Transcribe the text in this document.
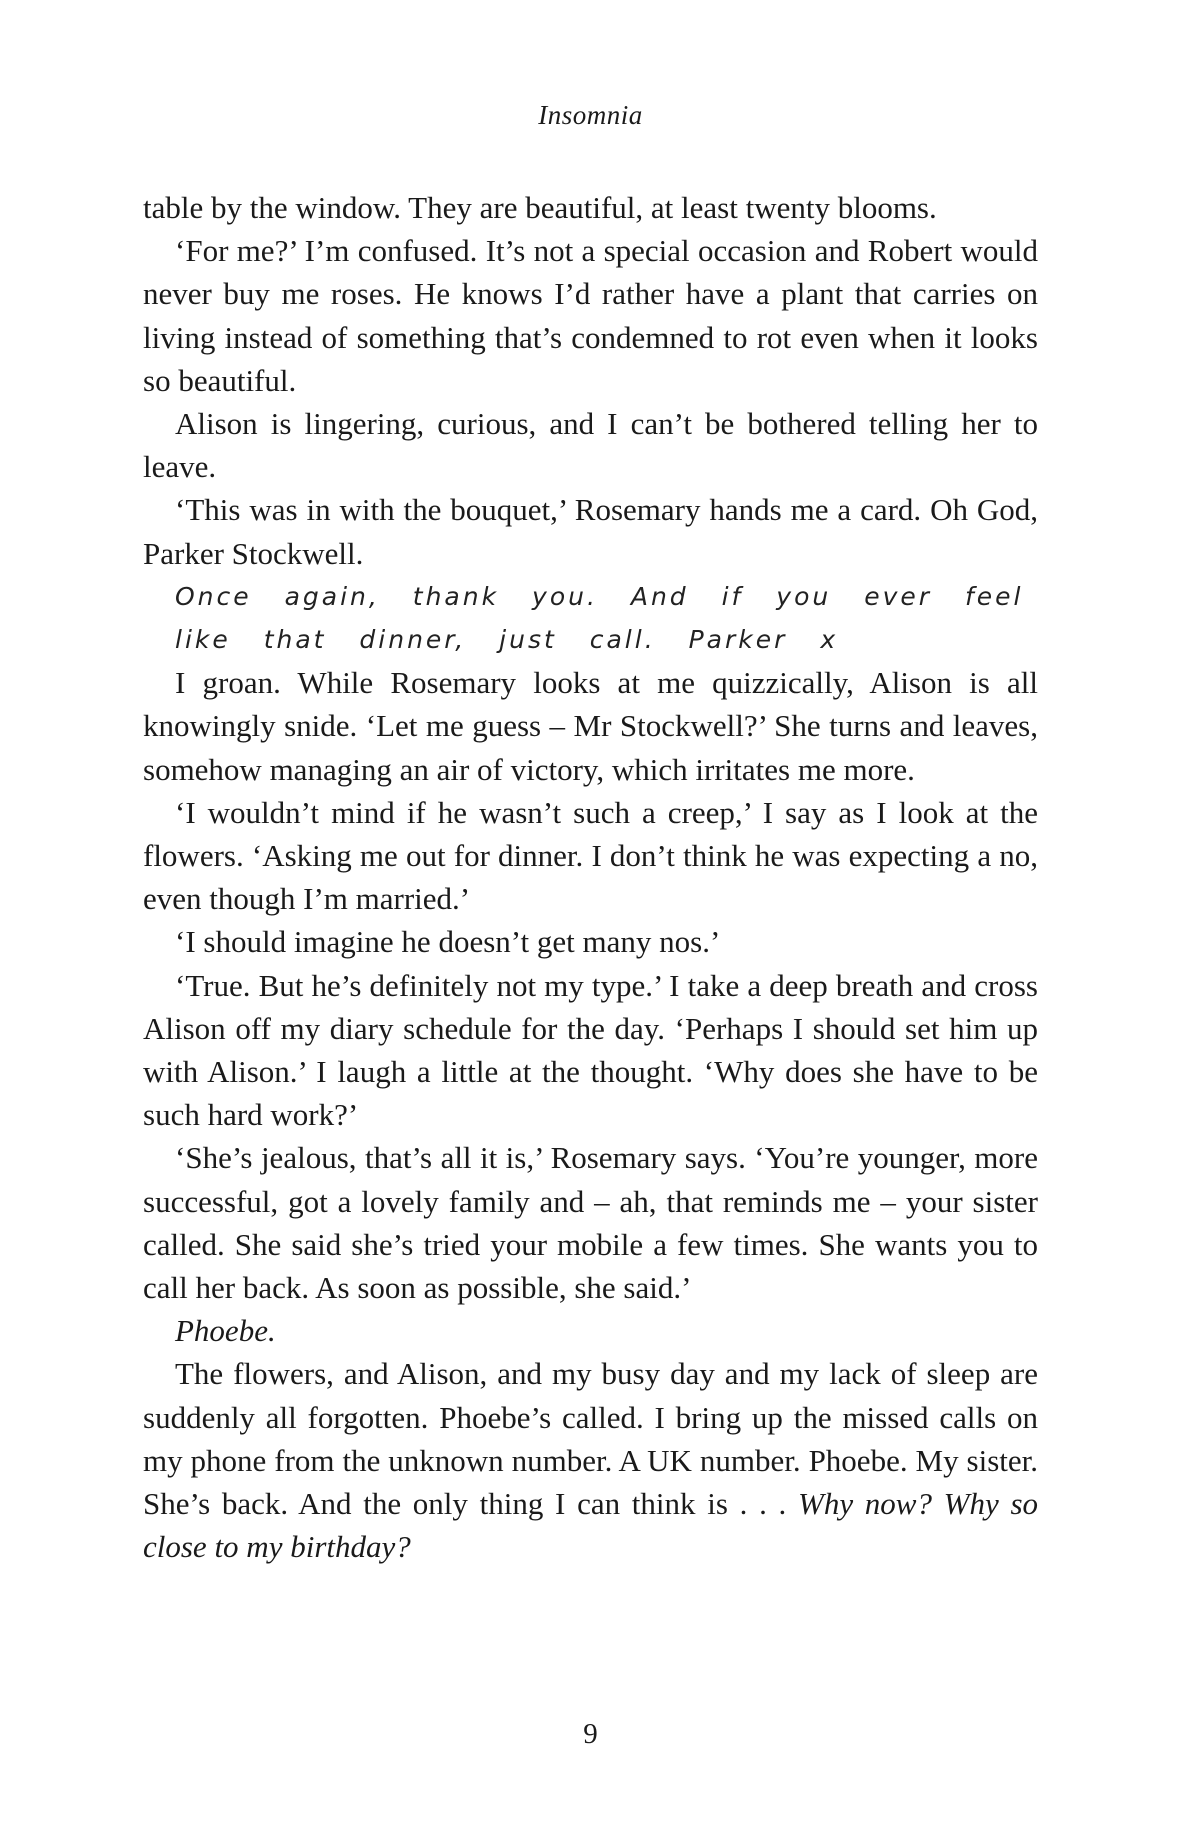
Insomnia

table by the window. They are beautiful, at least twenty blooms.

‘For me?’ I’m confused. It’s not a special occasion and Robert would never buy me roses. He knows I’d rather have a plant that carries on living instead of something that’s condemned to rot even when it looks so beautiful.

Alison is lingering, curious, and I can’t be bothered telling her to leave.

‘This was in with the bouquet,’ Rosemary hands me a card. Oh God, Parker Stockwell.

Once again, thank you. And if you ever feel
like that dinner, just call. Parker x

I groan. While Rosemary looks at me quizzically, Alison is all knowingly snide. ‘Let me guess – Mr Stockwell?’ She turns and leaves, somehow managing an air of victory, which irritates me more.

‘I wouldn’t mind if he wasn’t such a creep,’ I say as I look at the flowers. ‘Asking me out for dinner. I don’t think he was expecting a no, even though I’m married.’

‘I should imagine he doesn’t get many nos.’

‘True. But he’s definitely not my type.’ I take a deep breath and cross Alison off my diary schedule for the day. ‘Perhaps I should set him up with Alison.’ I laugh a little at the thought. ‘Why does she have to be such hard work?’

‘She’s jealous, that’s all it is,’ Rosemary says. ‘You’re younger, more successful, got a lovely family and – ah, that reminds me – your sister called. She said she’s tried your mobile a few times. She wants you to call her back. As soon as possible, she said.’

Phoebe.

The flowers, and Alison, and my busy day and my lack of sleep are suddenly all forgotten. Phoebe’s called. I bring up the missed calls on my phone from the unknown number. A UK number. Phoebe. My sister. She’s back. And the only thing I can think is . . . Why now? Why so close to my birthday?

9
